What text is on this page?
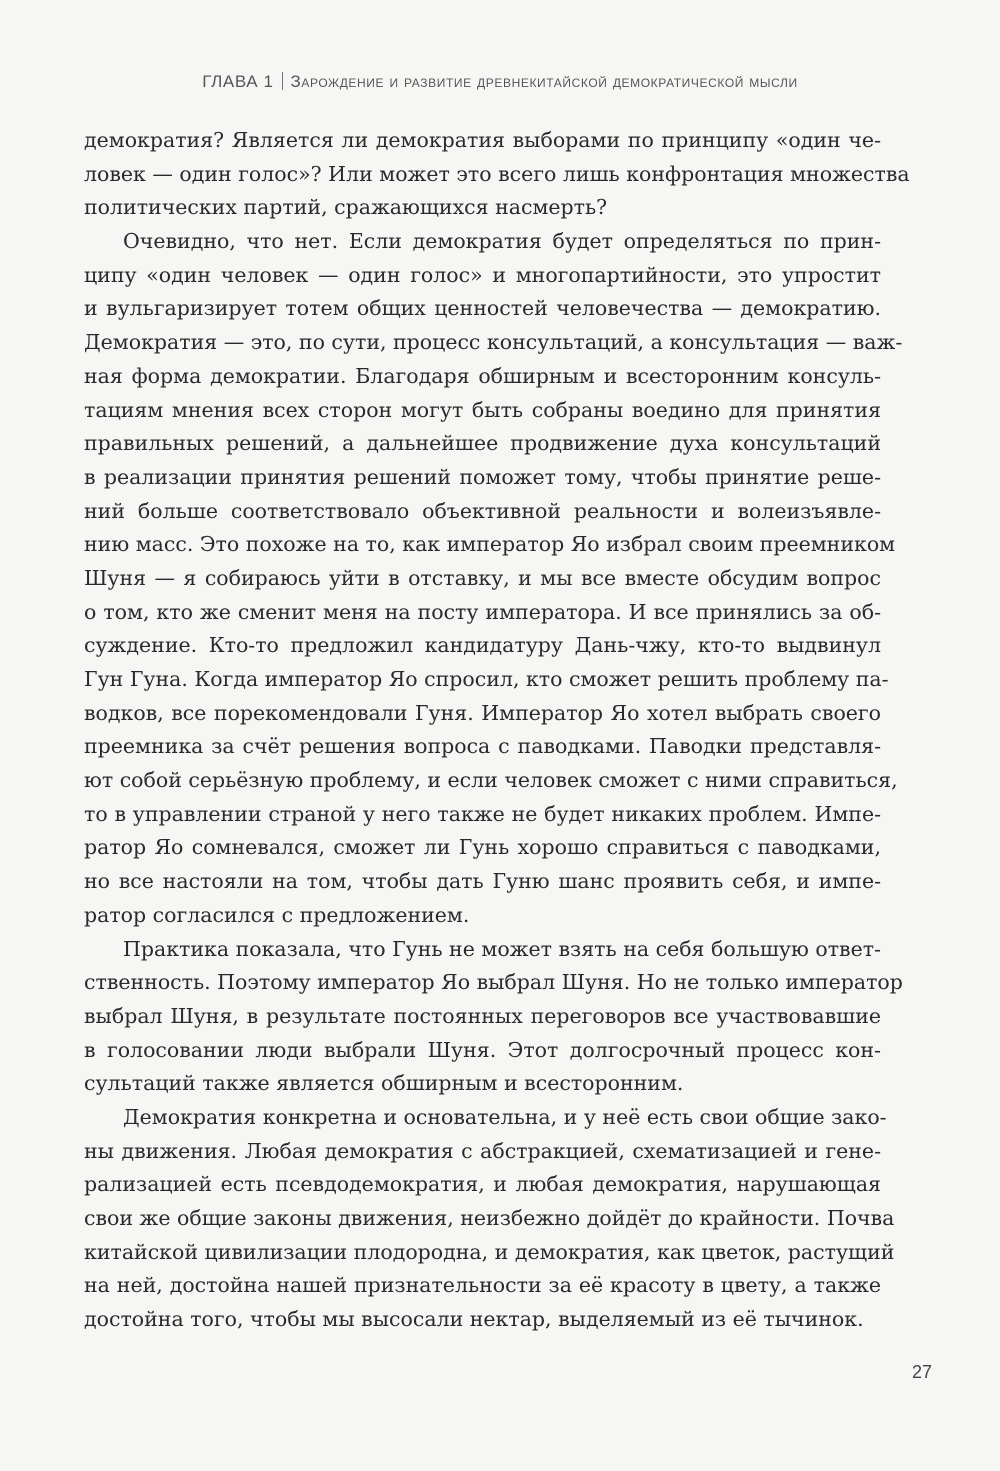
ГЛАВА 1 Зарождение и развитие древнекитайской демократической мысли
демократия? Является ли демократия выборами по принципу «один че-
ловек — один голос»? Или может это всего лишь конфронтация множества
политических партий, сражающихся насмерть?
Очевидно, что нет. Если демократия будет определяться по прин-
ципу «один человек — один голос» и многопартийности, это упростит
и вульгаризирует тотем общих ценностей человечества — демократию.
Демократия — это, по сути, процесс консультаций, а консультация — важ-
ная форма демократии. Благодаря обширным и всесторонним консуль-
тациям мнения всех сторон могут быть собраны воедино для принятия
правильных решений, а дальнейшее продвижение духа консультаций
в реализации принятия решений поможет тому, чтобы принятие реше-
ний больше соответствовало объективной реальности и волеизъявле-
нию масс. Это похоже на то, как император Яо избрал своим преемником
Шуня — я собираюсь уйти в отставку, и мы все вместе обсудим вопрос
о том, кто же сменит меня на посту императора. И все принялись за об-
суждение. Кто-то предложил кандидатуру Дань-чжу, кто-то выдвинул
Гун Гуна. Когда император Яо спросил, кто сможет решить проблему па-
водков, все порекомендовали Гуня. Император Яо хотел выбрать своего
преемника за счёт решения вопроса с паводками. Паводки представля-
ют собой серьёзную проблему, и если человек сможет с ними справиться,
то в управлении страной у него также не будет никаких проблем. Импе-
ратор Яо сомневался, сможет ли Гунь хорошо справиться с паводками,
но все настояли на том, чтобы дать Гуню шанс проявить себя, и импе-
ратор согласился с предложением.
Практика показала, что Гунь не может взять на себя большую ответ-
ственность. Поэтому император Яо выбрал Шуня. Но не только император
выбрал Шуня, в результате постоянных переговоров все участвовавшие
в голосовании люди выбрали Шуня. Этот долгосрочный процесс кон-
сультаций также является обширным и всесторонним.
Демократия конкретна и основательна, и у неё есть свои общие зако-
ны движения. Любая демократия с абстракцией, схематизацией и гене-
рализацией есть псевдодемократия, и любая демократия, нарушающая
свои же общие законы движения, неизбежно дойдёт до крайности. Почва
китайской цивилизации плодородна, и демократия, как цветок, растущий
на ней, достойна нашей признательности за её красоту в цвету, а также
достойна того, чтобы мы высосали нектар, выделяемый из её тычинок.
27
